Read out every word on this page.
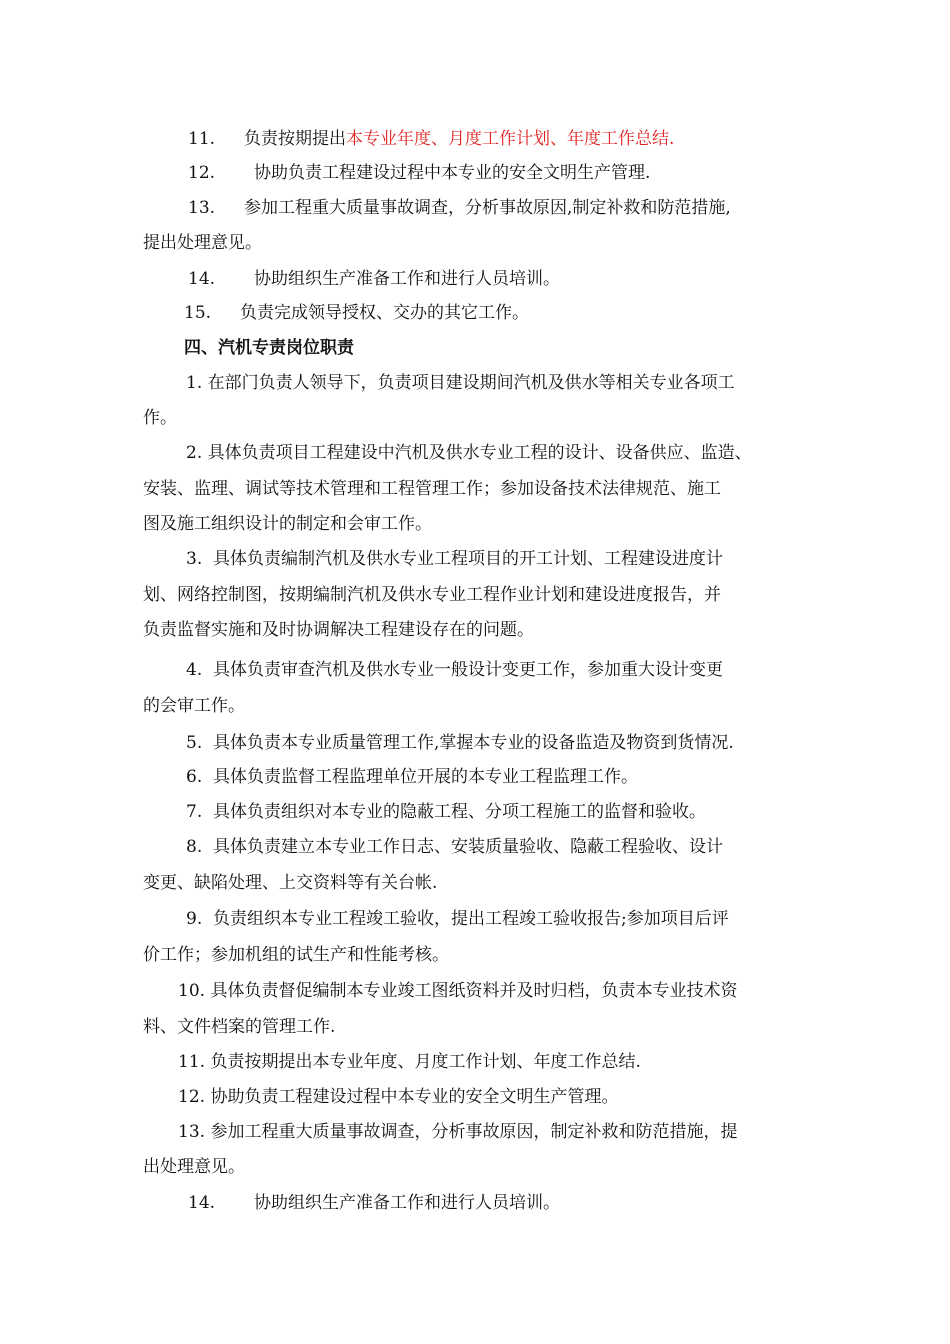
11. 负责按期提出本专业年度、月度工作计划、年度工作总结.
12. 协助负责工程建设过程中本专业的安全文明生产管理.
13. 参加工程重大质量事故调查，分析事故原因,制定补救和防范措施,
提出处理意见。
14. 协助组织生产准备工作和进行人员培训。
15. 负责完成领导授权、交办的其它工作。
四、汽机专责岗位职责
1. 在部门负责人领导下，负责项目建设期间汽机及供水等相关专业各项工
作。
2. 具体负责项目工程建设中汽机及供水专业工程的设计、设备供应、监造、
安装、监理、调试等技术管理和工程管理工作；参加设备技术法律规范、施工
图及施工组织设计的制定和会审工作。
3.  具体负责编制汽机及供水专业工程项目的开工计划、工程建设进度计
划、网络控制图，按期编制汽机及供水专业工程作业计划和建设进度报告，并
负责监督实施和及时协调解决工程建设存在的问题。
4.  具体负责审查汽机及供水专业一般设计变更工作，参加重大设计变更
的会审工作。
5.  具体负责本专业质量管理工作,掌握本专业的设备监造及物资到货情况.
6.  具体负责监督工程监理单位开展的本专业工程监理工作。
7.  具体负责组织对本专业的隐蔽工程、分项工程施工的监督和验收。
8.  具体负责建立本专业工作日志、安装质量验收、隐蔽工程验收、设计
变更、缺陷处理、上交资料等有关台帐.
9.  负责组织本专业工程竣工验收，提出工程竣工验收报告;参加项目后评
价工作；参加机组的试生产和性能考核。
10. 具体负责督促编制本专业竣工图纸资料并及时归档，负责本专业技术资
料、文件档案的管理工作.
11. 负责按期提出本专业年度、月度工作计划、年度工作总结.
12. 协助负责工程建设过程中本专业的安全文明生产管理。
13. 参加工程重大质量事故调查，分析事故原因，制定补救和防范措施，提
出处理意见。
14. 协助组织生产准备工作和进行人员培训。
